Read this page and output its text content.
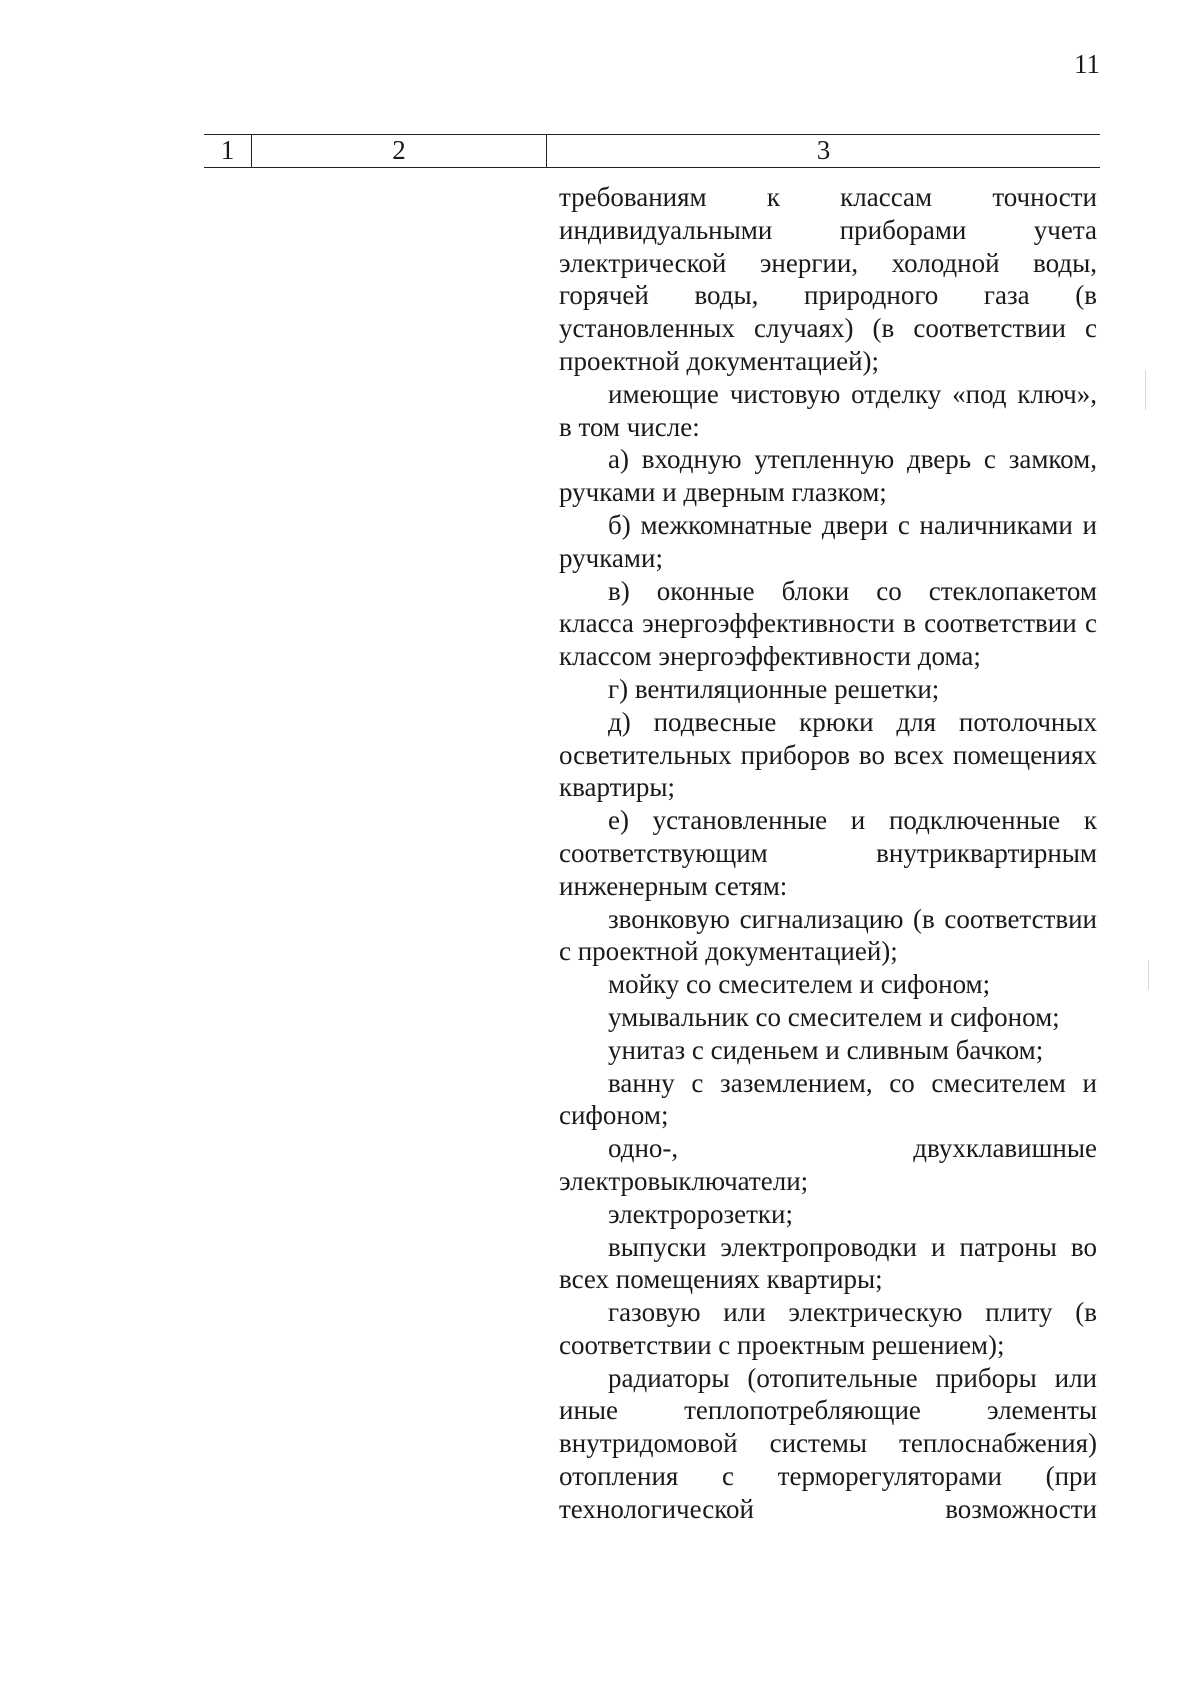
11
1	2	3

требованиям к классам точности индивидуальными приборами учета электрической энергии, холодной воды, горячей воды, природного газа (в установленных случаях) (в соответствии с проектной документацией);

имеющие чистовую отделку «под ключ», в том числе:

а) входную утепленную дверь с замком, ручками и дверным глазком;

б) межкомнатные двери с наличниками и ручками;

в) оконные блоки со стеклопакетом класса энергоэффективности в соответствии с классом энергоэффективности дома;

г) вентиляционные решетки;

д) подвесные крюки для потолочных осветительных приборов во всех помещениях квартиры;

е) установленные и подключенные к соответствующим внутриквартирным инженерным сетям:

звонковую сигнализацию (в соответствии с проектной документацией);

мойку со смесителем и сифоном;

умывальник со смесителем и сифоном;

унитаз с сиденьем и сливным бачком;

ванну с заземлением, со смесителем и сифоном;

одно-, двухклавишные электровыключатели;

электророзетки;

выпуски электропроводки и патроны во всех помещениях квартиры;

газовую или электрическую плиту (в соответствии с проектным решением);

радиаторы (отопительные приборы или иные теплопотребляющие элементы внутридомовой системы теплоснабжения) отопления с терморегуляторами (при технологической возможности
